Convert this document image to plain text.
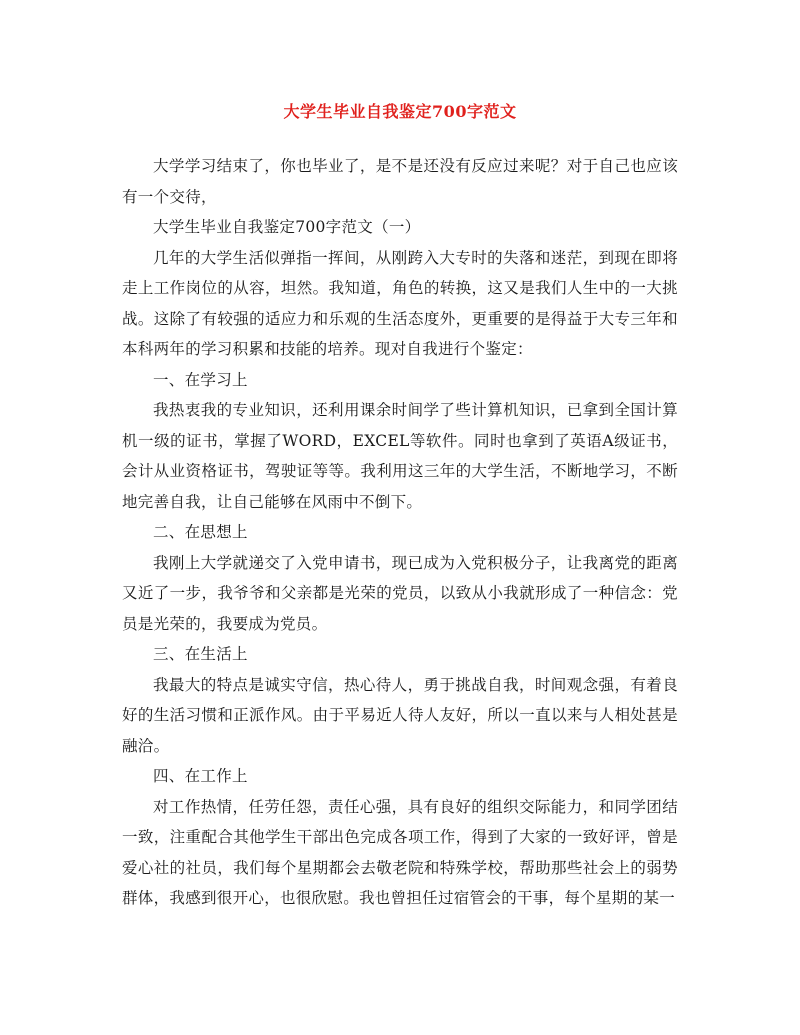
大学生毕业自我鉴定700字范文

大学学习结束了，你也毕业了，是不是还没有反应过来呢？对于自己也应该有一个交待，

大学生毕业自我鉴定700字范文（一）

几年的大学生活似弹指一挥间，从刚跨入大专时的失落和迷茫，到现在即将走上工作岗位的从容，坦然。我知道，角色的转换，这又是我们人生中的一大挑战。这除了有较强的适应力和乐观的生活态度外，更重要的是得益于大专三年和本科两年的学习积累和技能的培养。现对自我进行个鉴定：

一、在学习上

我热衷我的专业知识，还利用课余时间学了些计算机知识，已拿到全国计算机一级的证书，掌握了WORD，EXCEL等软件。同时也拿到了英语A级证书，会计从业资格证书，驾驶证等等。我利用这三年的大学生活，不断地学习，不断地完善自我，让自己能够在风雨中不倒下。

二、在思想上

我刚上大学就递交了入党申请书，现已成为入党积极分子，让我离党的距离又近了一步，我爷爷和父亲都是光荣的党员，以致从小我就形成了一种信念：党员是光荣的，我要成为党员。

三、在生活上

我最大的特点是诚实守信，热心待人，勇于挑战自我，时间观念强，有着良好的生活习惯和正派作风。由于平易近人待人友好，所以一直以来与人相处甚是融洽。

四、在工作上

对工作热情，任劳任怨，责任心强，具有良好的组织交际能力，和同学团结一致，注重配合其他学生干部出色完成各项工作，得到了大家的一致好评，曾是爱心社的社员，我们每个星期都会去敬老院和特殊学校，帮助那些社会上的弱势群体，我感到很开心，也很欣慰。我也曾担任过宿管会的干事，每个星期的某一
